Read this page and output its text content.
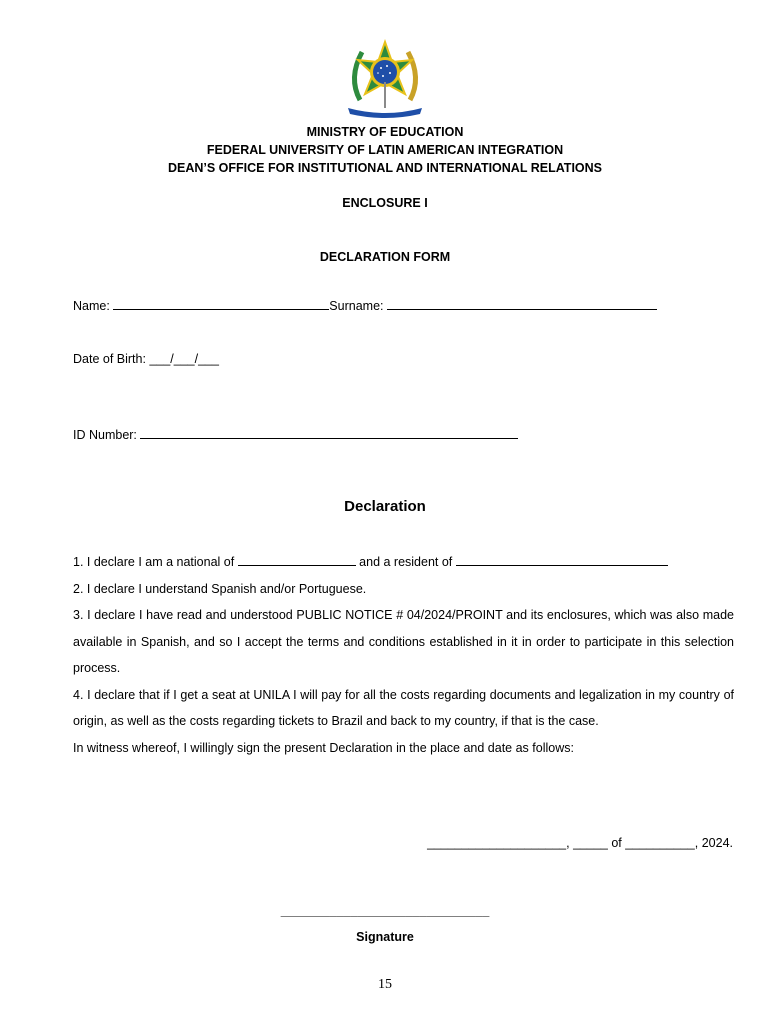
MINISTRY OF EDUCATION
FEDERAL UNIVERSITY OF LATIN AMERICAN INTEGRATION
DEAN’S OFFICE FOR INSTITUTIONAL AND INTERNATIONAL RELATIONS
ENCLOSURE I
DECLARATION FORM
Name:	Surname:
Date of Birth: ___/___/___
ID Number:
Declaration

1. I declare I am a national of	and a resident of

2. I declare I understand Spanish and/or Portuguese.

3. I declare I have read and understood PUBLIC NOTICE # 04/2024/PROINT and its enclosures, which was also made available in Spanish, and so I accept the terms and conditions established in it in order to participate in this selection process.

4. I declare that if I get a seat at UNILA I will pay for all the costs regarding documents and legalization in my country of origin, as well as the costs regarding tickets to Brazil and back to my country, if that is the case.

In witness whereof, I willingly sign the present Declaration in the place and date as follows:

____________________, _____ of __________, 2024.
______________________________
Signature
15
